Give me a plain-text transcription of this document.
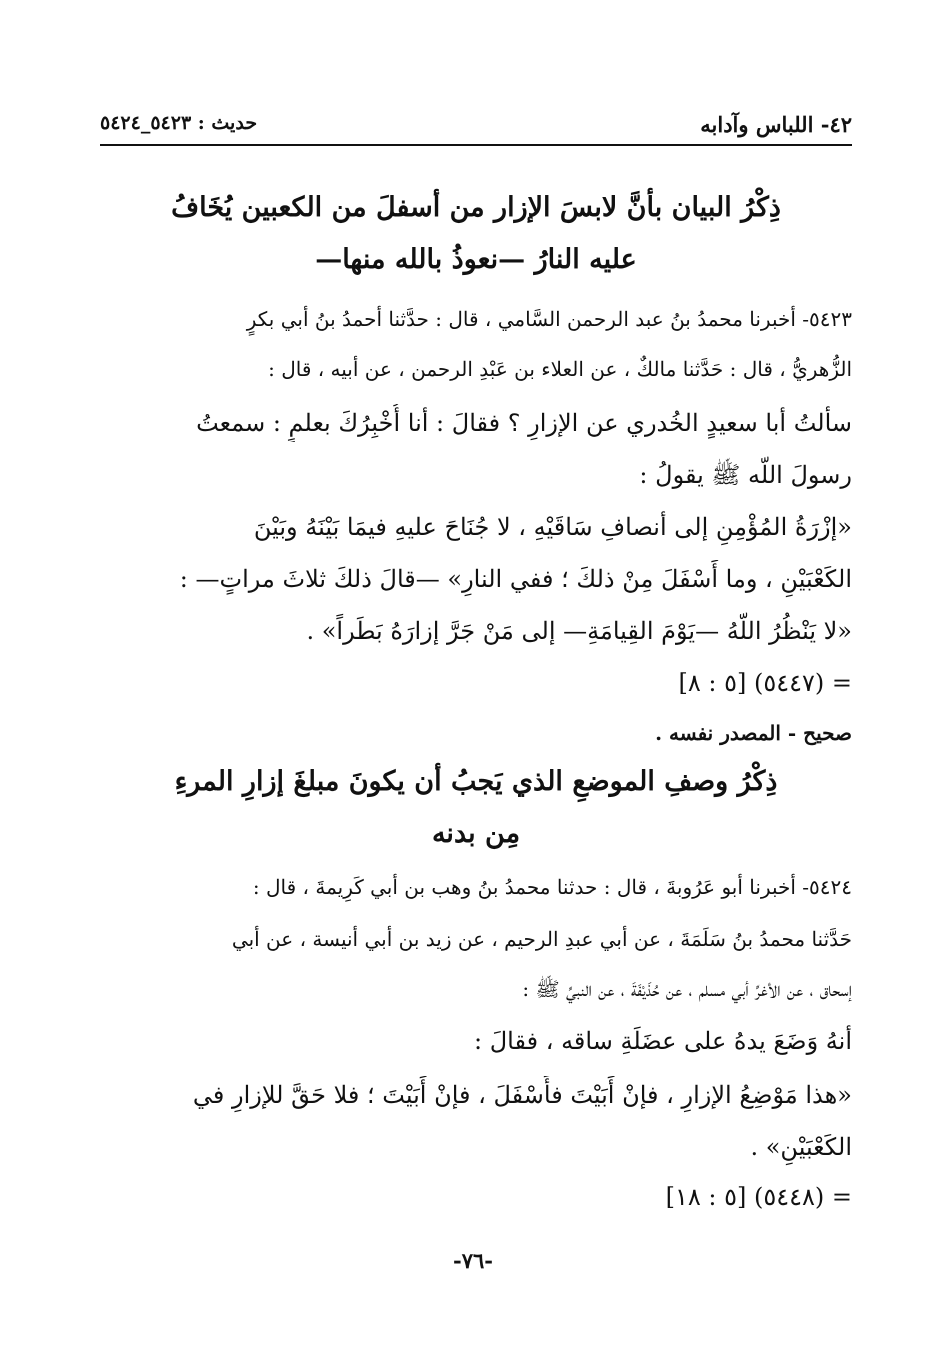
٤٢- اللباس وآدابه
حديث : ٥٤٢٣_٥٤٢٤
ذِكْرُ البيان بأنَّ لابسَ الإزار من أسفلَ من الكعبين يُخَافُ
عليه النارُ —نعوذُ بالله منها—
٥٤٢٣- أخبرنا محمدُ بنُ عبد الرحمن السَّامي ، قال : حدَّثنا أحمدُ بنُ أبي بكرٍ
الزُّهريُّ ، قال : حَدَّثنا مالكٌ ، عن العلاء بن عَبْدِ الرحمن ، عن أبيه ، قال :
سألتُ أبا سعيدٍ الخُدري عن الإزارِ ؟ فقالَ : أنا أُخْبِرُكَ بعلمٍ : سمعتُ
رسولَ اللّه ﷺ يقولُ :
«إزْرَةُ المُؤْمِنِ إلى أنصافِ سَاقَيْهِ ، لا جُنَاحَ عليهِ فيمَا بَيْنَهُ وبَيْنَ
الكَعْبَيْنِ ، وما أَسْفَلَ مِنْ ذلكَ ؛ ففي النارِ» —قالَ ذلكَ ثلاثَ مراتٍ— :
«لا يَنْظُرُ اللّهُ —يَوْمَ القِيامَةِ— إلى مَنْ جَرَّ إزارَهُ بَطَراً» .
= (٥٤٤٧) [٥ : ٨]
صحيح - المصدر نفسه .
ذِكْرُ وصفِ الموضعِ الذي يَجبُ أن يكونَ مبلغَ إزارِ المرءِ
مِن بدنه
٥٤٢٤- أخبرنا أبو عَرُوبةَ ، قال : حدثنا محمدُ بنُ وهب بن أبي كَرِيمةَ ، قال :
حَدَّثنا محمدُ بنُ سَلَمَةَ ، عن أبي عبدِ الرحيم ، عن زيد بن أبي أنيسة ، عن أبي
إسحاق ، عن الأغرِّ أبي مسلم ، عن حُذَيْفَةَ ، عن النبيِّ ﷺ :
أنهُ وَضَعَ يدهُ على عضَلَةِ ساقه ، فقالَ :
«هذا مَوْضِعُ الإزارِ ، فإنْ أَبَيْتَ فأَسْفَلَ ، فإنْ أَبَيْتَ ؛ فلا حَقَّ للإزارِ في
الكَعْبَيْنِ» .
= (٥٤٤٨) [٥ : ١٨]
-٧٦-
